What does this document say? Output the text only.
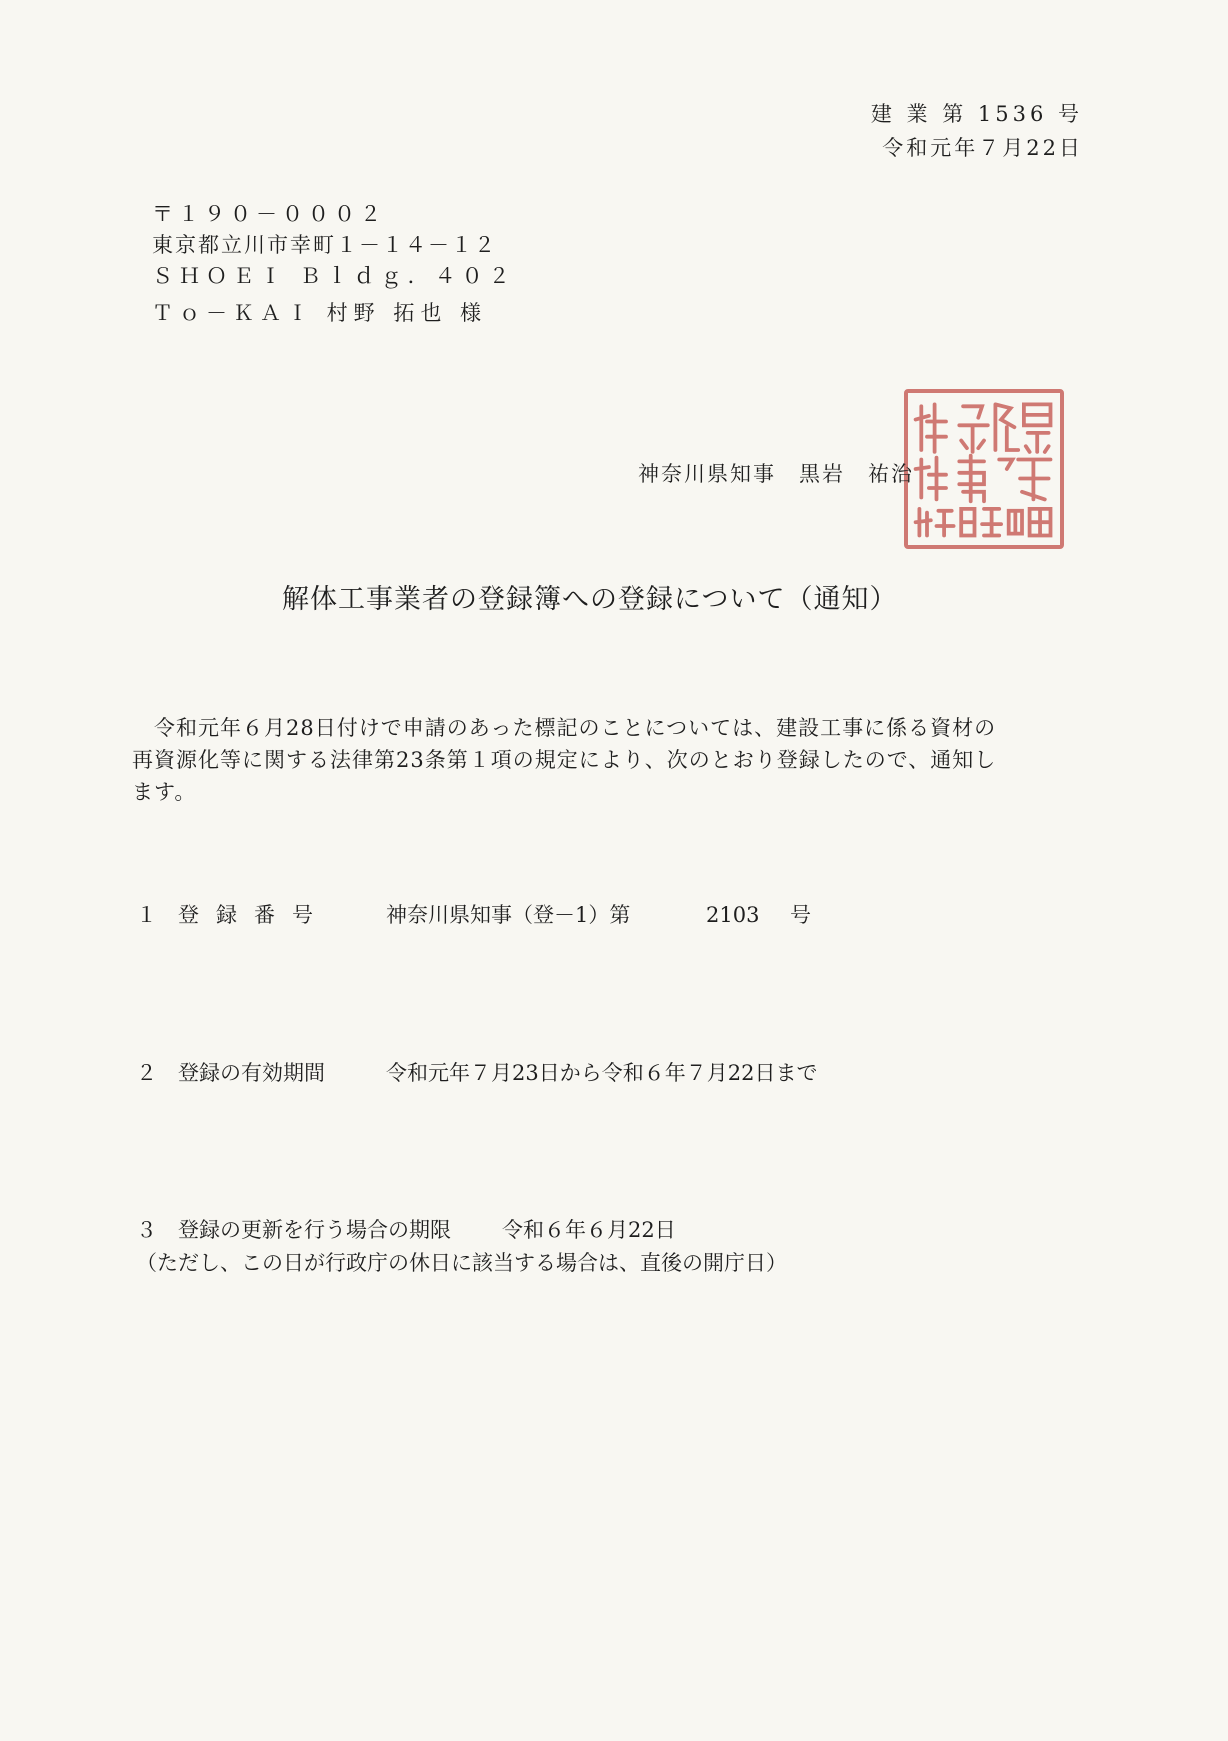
建 業 第 1536 号
令和元年７月22日
〒１９０－０００２
東京都立川市幸町１－１４－１２
ＳＨＯＥＩ Ｂｌｄｇ．４０２
Ｔｏ－ＫＡＩ 村野 拓也 様
神奈川県知事　黒岩　祐治
解体工事業者の登録簿への登録について（通知）
令和元年６月28日付けで申請のあった標記のことについては、建設工事に係る資材の
再資源化等に関する法律第23条第１項の規定により、次のとおり登録したので、通知し
ます。
１ 登録番号	神奈川県知事（登－1）第	2103 号
２ 登録の有効期間	令和元年７月23日から令和６年７月22日まで
３ 登録の更新を行う場合の期限 令和６年６月22日
（ただし、この日が行政庁の休日に該当する場合は、直後の開庁日）
